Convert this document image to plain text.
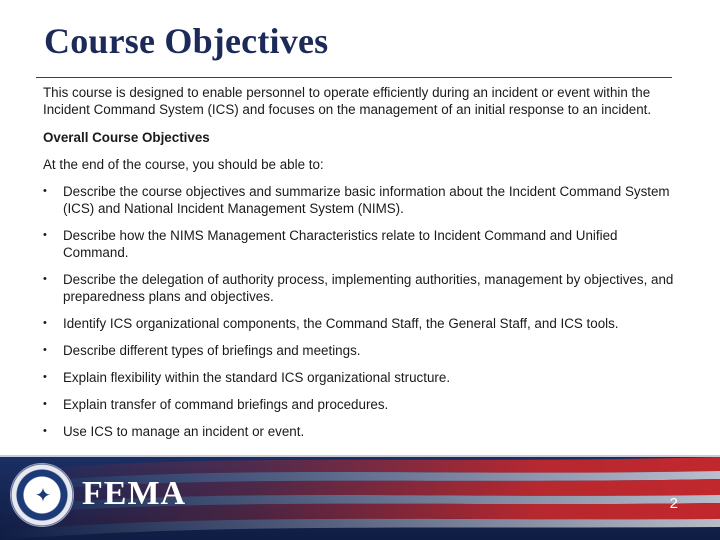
Course Objectives

This course is designed to enable personnel to operate efficiently during an incident or event within the Incident Command System (ICS) and focuses on the management of an initial response to an incident.

Overall Course Objectives

At the end of the course, you should be able to:

• Describe the course objectives and summarize basic information about the Incident Command System (ICS) and National Incident Management System (NIMS).
• Describe how the NIMS Management Characteristics relate to Incident Command and Unified Command.
• Describe the delegation of authority process, implementing authorities, management by objectives, and preparedness plans and objectives.
• Identify ICS organizational components, the Command Staff, the General Staff, and ICS tools.
• Describe different types of briefings and meetings.
• Explain flexibility within the standard ICS organizational structure.
• Explain transfer of command briefings and procedures.
• Use ICS to manage an incident or event.
✦ FEMA	2
